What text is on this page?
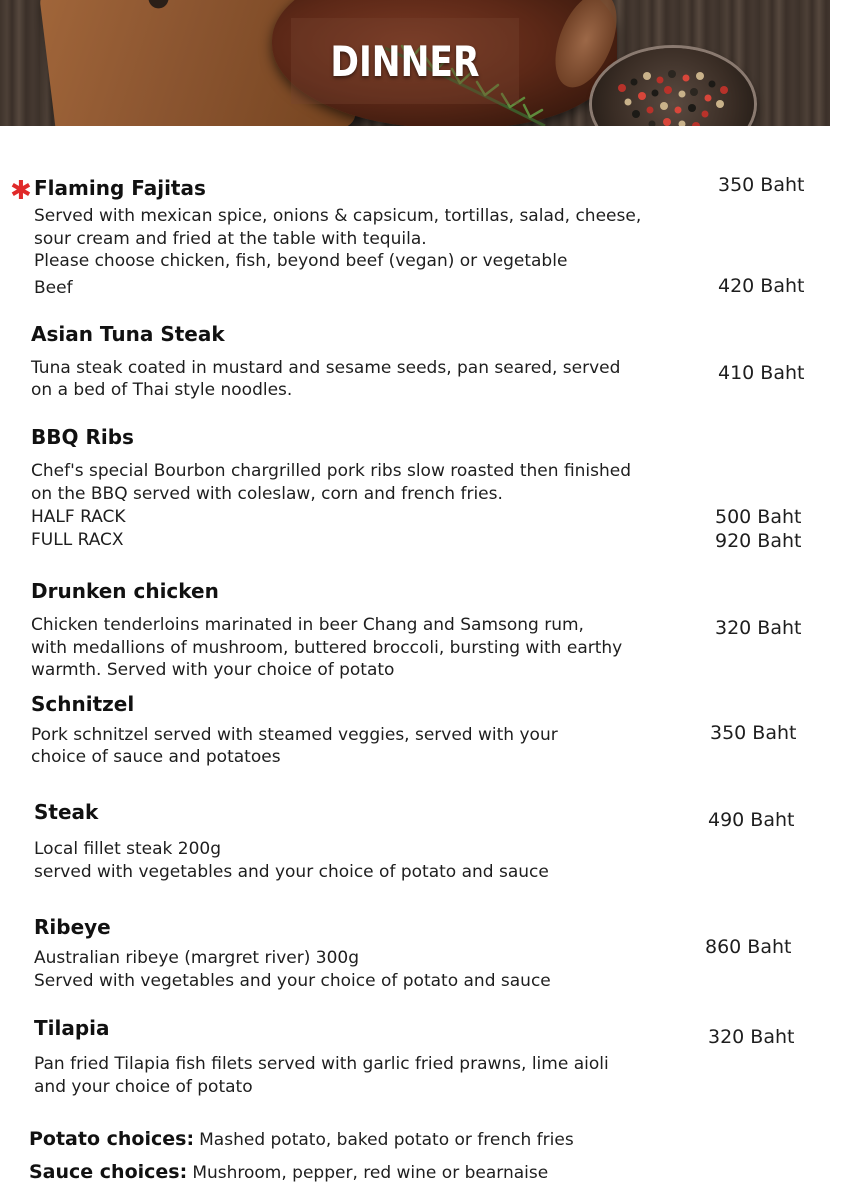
DINNER
✱ Flaming Fajitas	350 Baht
Served with mexican spice, onions & capsicum, tortillas, salad, cheese,
sour cream and fried at the table with tequila.
Please choose chicken, fish, beyond beef (vegan) or vegetable
Beef	420 Baht
Asian Tuna Steak
Tuna steak coated in mustard and sesame seeds, pan seared, served
on a bed of Thai style noodles.
410 Baht
BBQ Ribs
Chef's special Bourbon chargrilled pork ribs slow roasted then finished
on the BBQ served with coleslaw, corn and french fries.
HALF RACK	500 Baht
FULL RACX	920 Baht
Drunken chicken
Chicken tenderloins marinated in beer Chang and Samsong rum,
with medallions of mushroom, buttered broccoli, bursting with earthy
warmth. Served with your choice of potato
320 Baht
Schnitzel
Pork schnitzel served with steamed veggies, served with your
choice of sauce and potatoes
350 Baht
Steak
Local fillet steak 200g
served with vegetables and your choice of potato and sauce
490 Baht
Ribeye
Australian ribeye (margret river) 300g
Served with vegetables and your choice of potato and sauce
860 Baht
Tilapia
Pan fried Tilapia fish filets served with garlic fried prawns, lime aioli
and your choice of potato
320 Baht
Potato choices: Mashed potato, baked potato or french fries
Sauce choices: Mushroom, pepper, red wine or bearnaise
